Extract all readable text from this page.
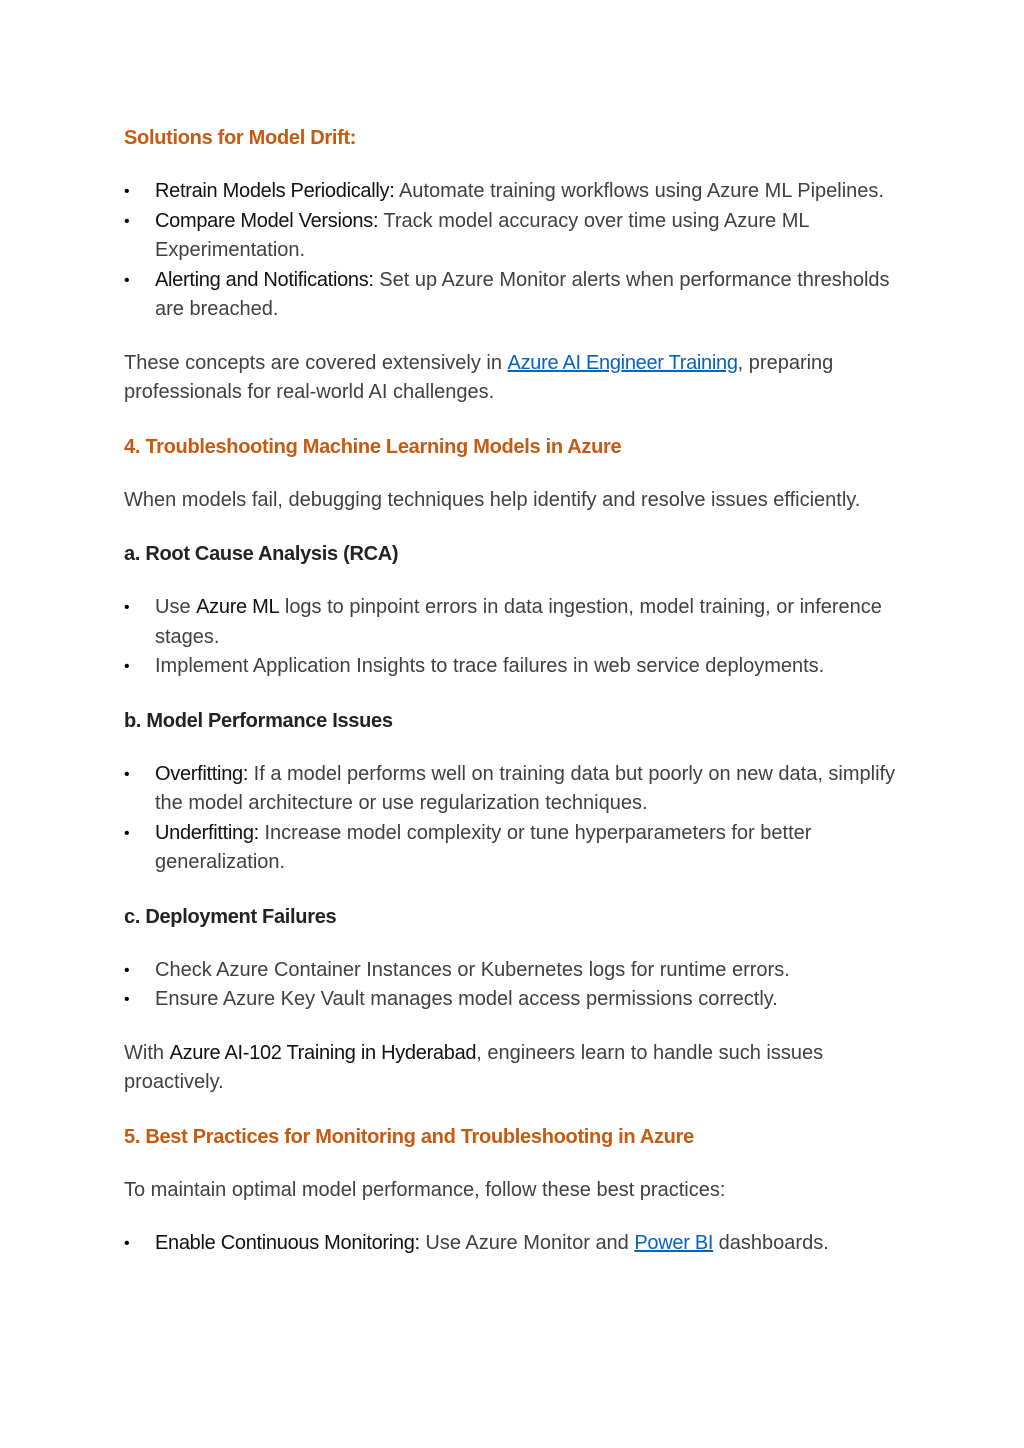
Solutions for Model Drift:
• Retrain Models Periodically: Automate training workflows using Azure ML Pipelines.
• Compare Model Versions: Track model accuracy over time using Azure ML Experimentation.
• Alerting and Notifications: Set up Azure Monitor alerts when performance thresholds are breached.

These concepts are covered extensively in Azure AI Engineer Training, preparing professionals for real-world AI challenges.

4. Troubleshooting Machine Learning Models in Azure

When models fail, debugging techniques help identify and resolve issues efficiently.

a. Root Cause Analysis (RCA)
• Use Azure ML logs to pinpoint errors in data ingestion, model training, or inference stages.
• Implement Application Insights to trace failures in web service deployments.
b. Model Performance Issues
• Overfitting: If a model performs well on training data but poorly on new data, simplify the model architecture or use regularization techniques.
• Underfitting: Increase model complexity or tune hyperparameters for better generalization.
c. Deployment Failures
• Check Azure Container Instances or Kubernetes logs for runtime errors.
• Ensure Azure Key Vault manages model access permissions correctly.

With Azure AI-102 Training in Hyderabad, engineers learn to handle such issues proactively.

5. Best Practices for Monitoring and Troubleshooting in Azure

To maintain optimal model performance, follow these best practices:

• Enable Continuous Monitoring: Use Azure Monitor and Power BI dashboards.
